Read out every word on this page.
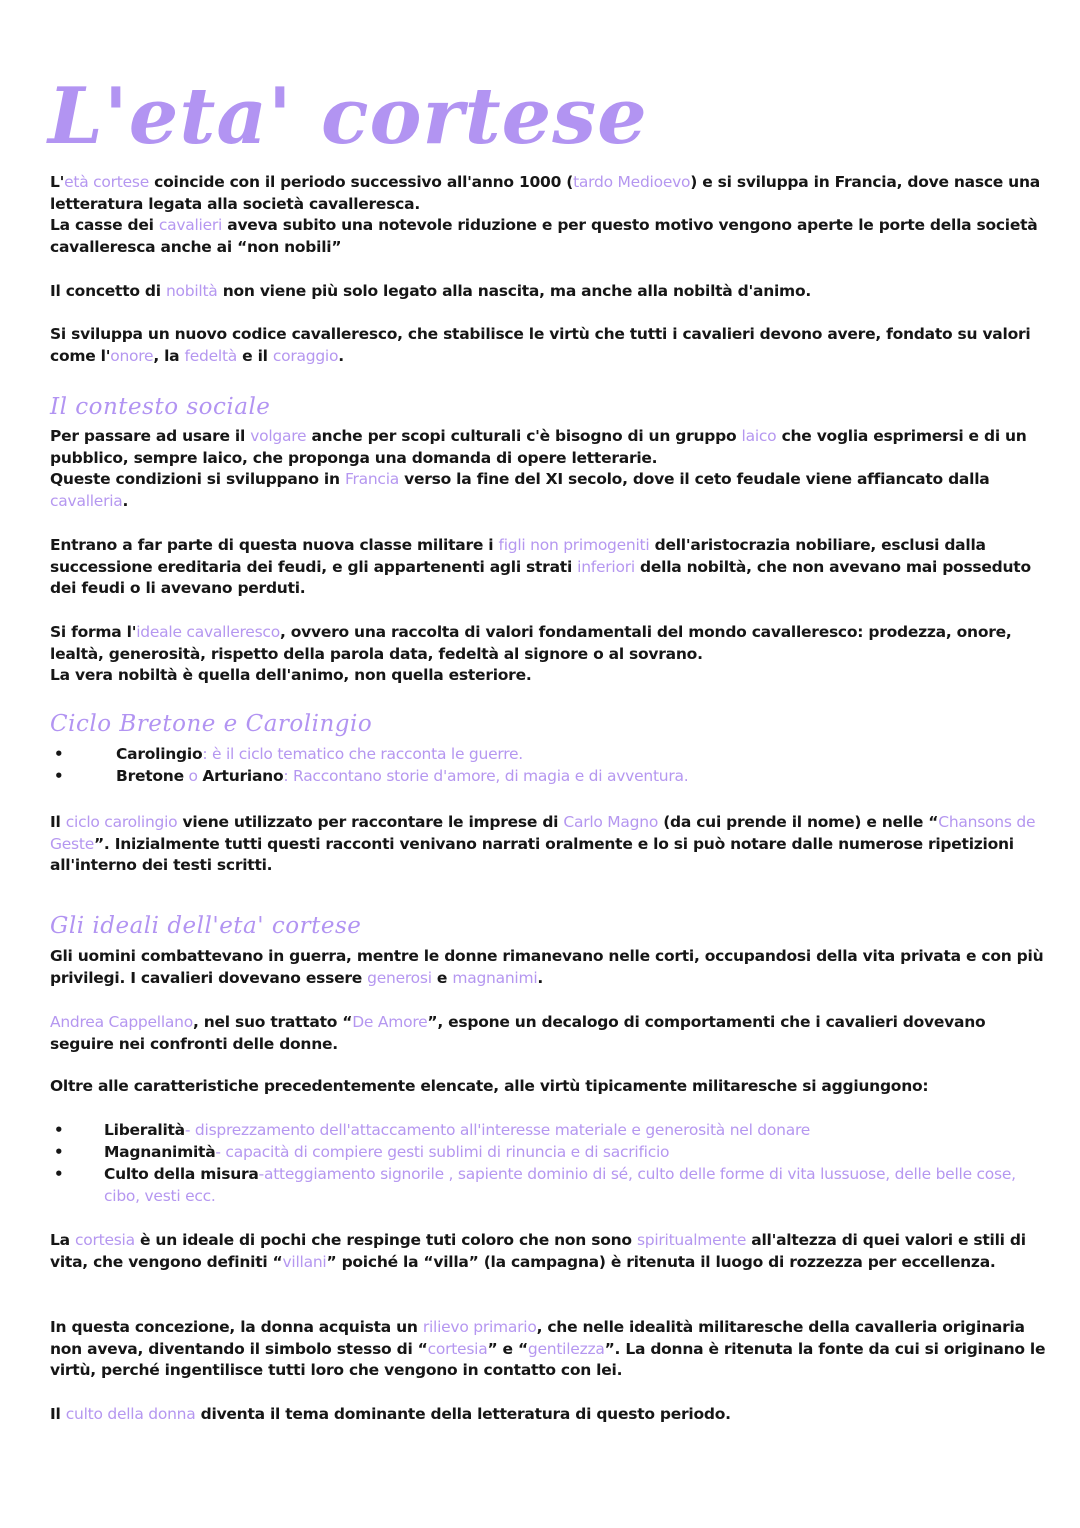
L'eta' cortese
L'età cortese coincide con il periodo successivo all'anno 1000 (tardo Medioevo) e si sviluppa in Francia, dove nasce una letteratura legata alla società cavalleresca.
La casse dei cavalieri aveva subito una notevole riduzione e per questo motivo vengono aperte le porte della società cavalleresca anche ai “non nobili”
Il concetto di nobiltà non viene più solo legato alla nascita, ma anche alla nobiltà d'animo.
Si sviluppa un nuovo codice cavalleresco, che stabilisce le virtù che tutti i cavalieri devono avere, fondato su valori come l'onore, la fedeltà e il coraggio.
Il contesto sociale
Per passare ad usare il volgare anche per scopi culturali c'è bisogno di un gruppo laico che voglia esprimersi e di un pubblico, sempre laico, che proponga una domanda di opere letterarie.
Queste condizioni si sviluppano in Francia verso la fine del XI secolo, dove il ceto feudale viene affiancato dalla cavalleria.
Entrano a far parte di questa nuova classe militare i figli non primogeniti dell'aristocrazia nobiliare, esclusi dalla successione ereditaria dei feudi, e gli appartenenti agli strati inferiori della nobiltà, che non avevano mai posseduto dei feudi o li avevano perduti.
Si forma l'ideale cavalleresco, ovvero una raccolta di valori fondamentali del mondo cavalleresco: prodezza, onore, lealtà, generosità, rispetto della parola data, fedeltà al signore o al sovrano.
La vera nobiltà è quella dell'animo, non quella esteriore.
Ciclo Bretone e Carolingio
•	Carolingio: è il ciclo tematico che racconta le guerre.
•	Bretone o Arturiano: Raccontano storie d'amore, di magia e di avventura.
Il ciclo carolingio viene utilizzato per raccontare le imprese di Carlo Magno (da cui prende il nome) e nelle “Chansons de Geste”. Inizialmente tutti questi racconti venivano narrati oralmente e lo si può notare dalle numerose ripetizioni all'interno dei testi scritti.
Gli ideali dell'eta' cortese
Gli uomini combattevano in guerra, mentre le donne rimanevano nelle corti, occupandosi della vita privata e con più privilegi. I cavalieri dovevano essere generosi e magnanimi.
Andrea Cappellano, nel suo trattato “De Amore”, espone un decalogo di comportamenti che i cavalieri dovevano seguire nei confronti delle donne.
Oltre alle caratteristiche precedentemente elencate, alle virtù tipicamente militaresche si aggiungono:
•	Liberalità- disprezzamento dell'attaccamento all'interesse materiale e generosità nel donare
•	Magnanimità- capacità di compiere gesti sublimi di rinuncia e di sacrificio
•	Culto della misura-atteggiamento signorile , sapiente dominio di sé, culto delle forme di vita lussuose, delle belle cose, cibo, vesti ecc.
La cortesia è un ideale di pochi che respinge tuti coloro che non sono spiritualmente all'altezza di quei valori e stili di vita, che vengono definiti “villani” poiché la “villa” (la campagna) è ritenuta il luogo di rozzezza per eccellenza.
In questa concezione, la donna acquista un rilievo primario, che nelle idealità militaresche della cavalleria originaria non aveva, diventando il simbolo stesso di “cortesia” e “gentilezza”. La donna è ritenuta la fonte da cui si originano le virtù, perché ingentilisce tutti loro che vengono in contatto con lei.
Il culto della donna diventa il tema dominante della letteratura di questo periodo.
